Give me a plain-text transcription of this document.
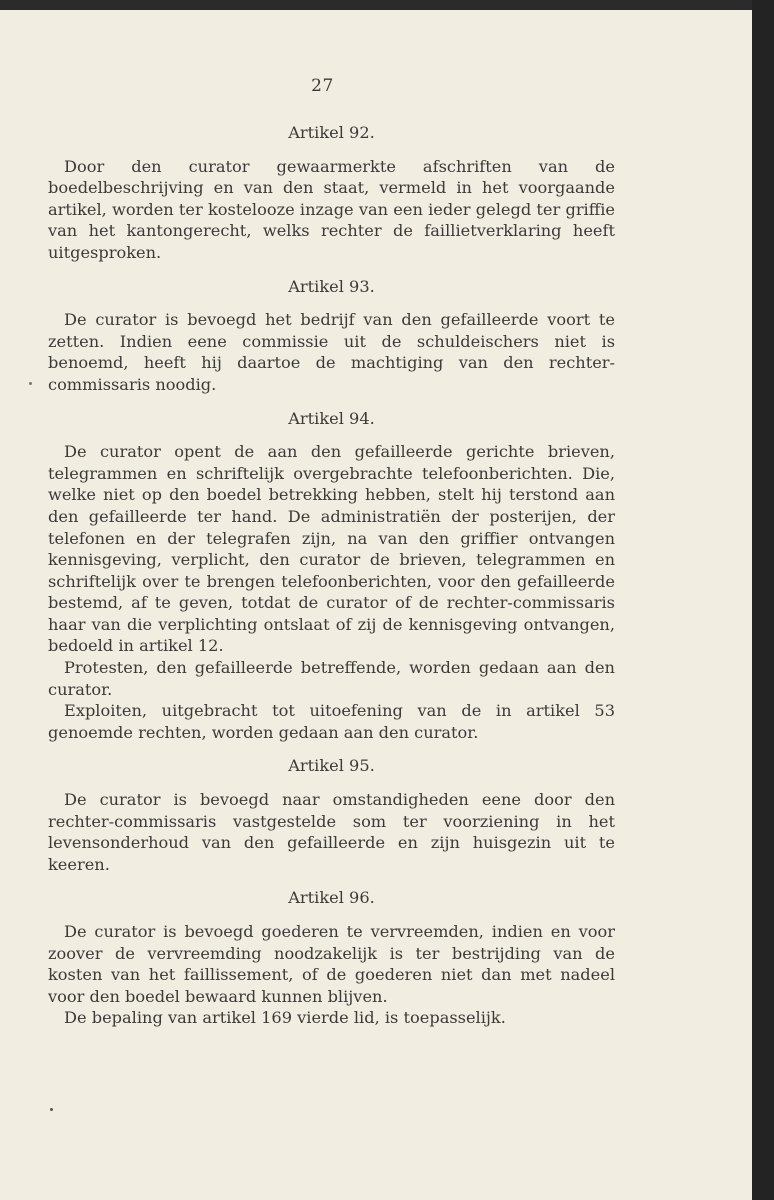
27
Artikel 92.

Door den curator gewaarmerkte afschriften van de boedelbeschrijving en van den staat, vermeld in het voorgaande artikel, worden ter kostelooze inzage van een ieder gelegd ter griffie van het kantongerecht, welks rechter de faillietverklaring heeft uitgesproken.

Artikel 93.

De curator is bevoegd het bedrijf van den gefailleerde voort te zetten. Indien eene commissie uit de schuldeischers niet is benoemd, heeft hij daartoe de machtiging van den rechter-commissaris noodig.

Artikel 94.

De curator opent de aan den gefailleerde gerichte brieven, telegrammen en schriftelijk overgebrachte telefoonberichten. Die, welke niet op den boedel betrekking hebben, stelt hij terstond aan den gefailleerde ter hand. De administratiën der posterijen, der telefonen en der telegrafen zijn, na van den griffier ontvangen kennisgeving, verplicht, den curator de brieven, telegrammen en schriftelijk over te brengen telefoonberichten, voor den gefailleerde bestemd, af te geven, totdat de curator of de rechter-commissaris haar van die verplichting ontslaat of zij de kennisgeving ontvangen, bedoeld in artikel 12.

Protesten, den gefailleerde betreffende, worden gedaan aan den curator.

Exploiten, uitgebracht tot uitoefening van de in artikel 53 genoemde rechten, worden gedaan aan den curator.

Artikel 95.

De curator is bevoegd naar omstandigheden eene door den rechter-commissaris vastgestelde som ter voorziening in het levensonderhoud van den gefailleerde en zijn huisgezin uit te keeren.

Artikel 96.

De curator is bevoegd goederen te vervreemden, indien en voor zoover de vervreemding noodzakelijk is ter bestrijding van de kosten van het faillissement, of de goederen niet dan met nadeel voor den boedel bewaard kunnen blijven.

De bepaling van artikel 169 vierde lid, is toepasselijk.
